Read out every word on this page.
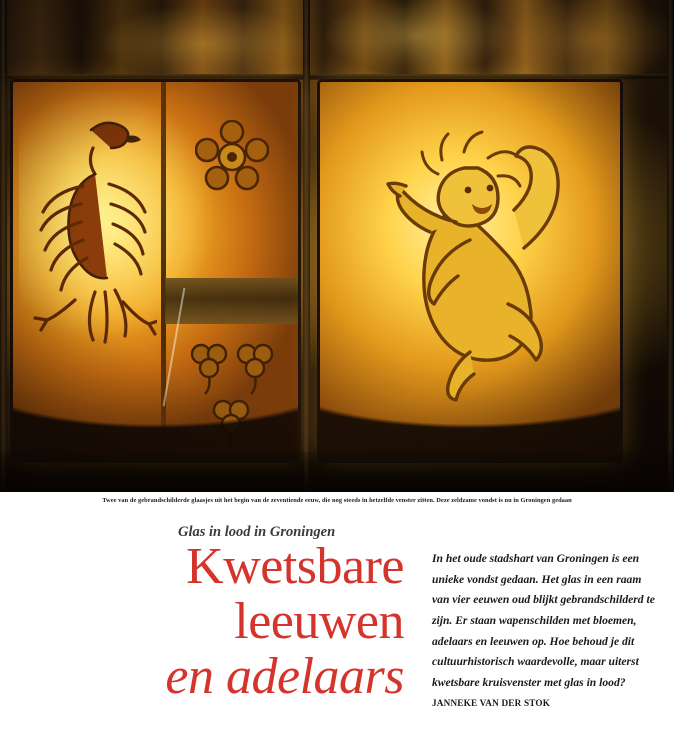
Twee van de gebrandschilderde glaasjes uit het begin van de zeventiende eeuw, die nog steeds in hetzelfde venster zitten. Deze zeldzame vondst is nu in Groningen gedaan
Glas in lood in Groningen
Kwetsbare
leeuwen
en adelaars
In het oude stadshart van Groningen is een unieke vondst gedaan. Het glas in een raam van vier eeuwen oud blijkt gebrandschilderd te zijn. Er staan wapenschilden met bloemen, adelaars en leeuwen op. Hoe behoud je dit cultuurhistorisch waardevolle, maar uiterst kwetsbare kruisvenster met glas in lood? JANNEKE VAN DER STOK
